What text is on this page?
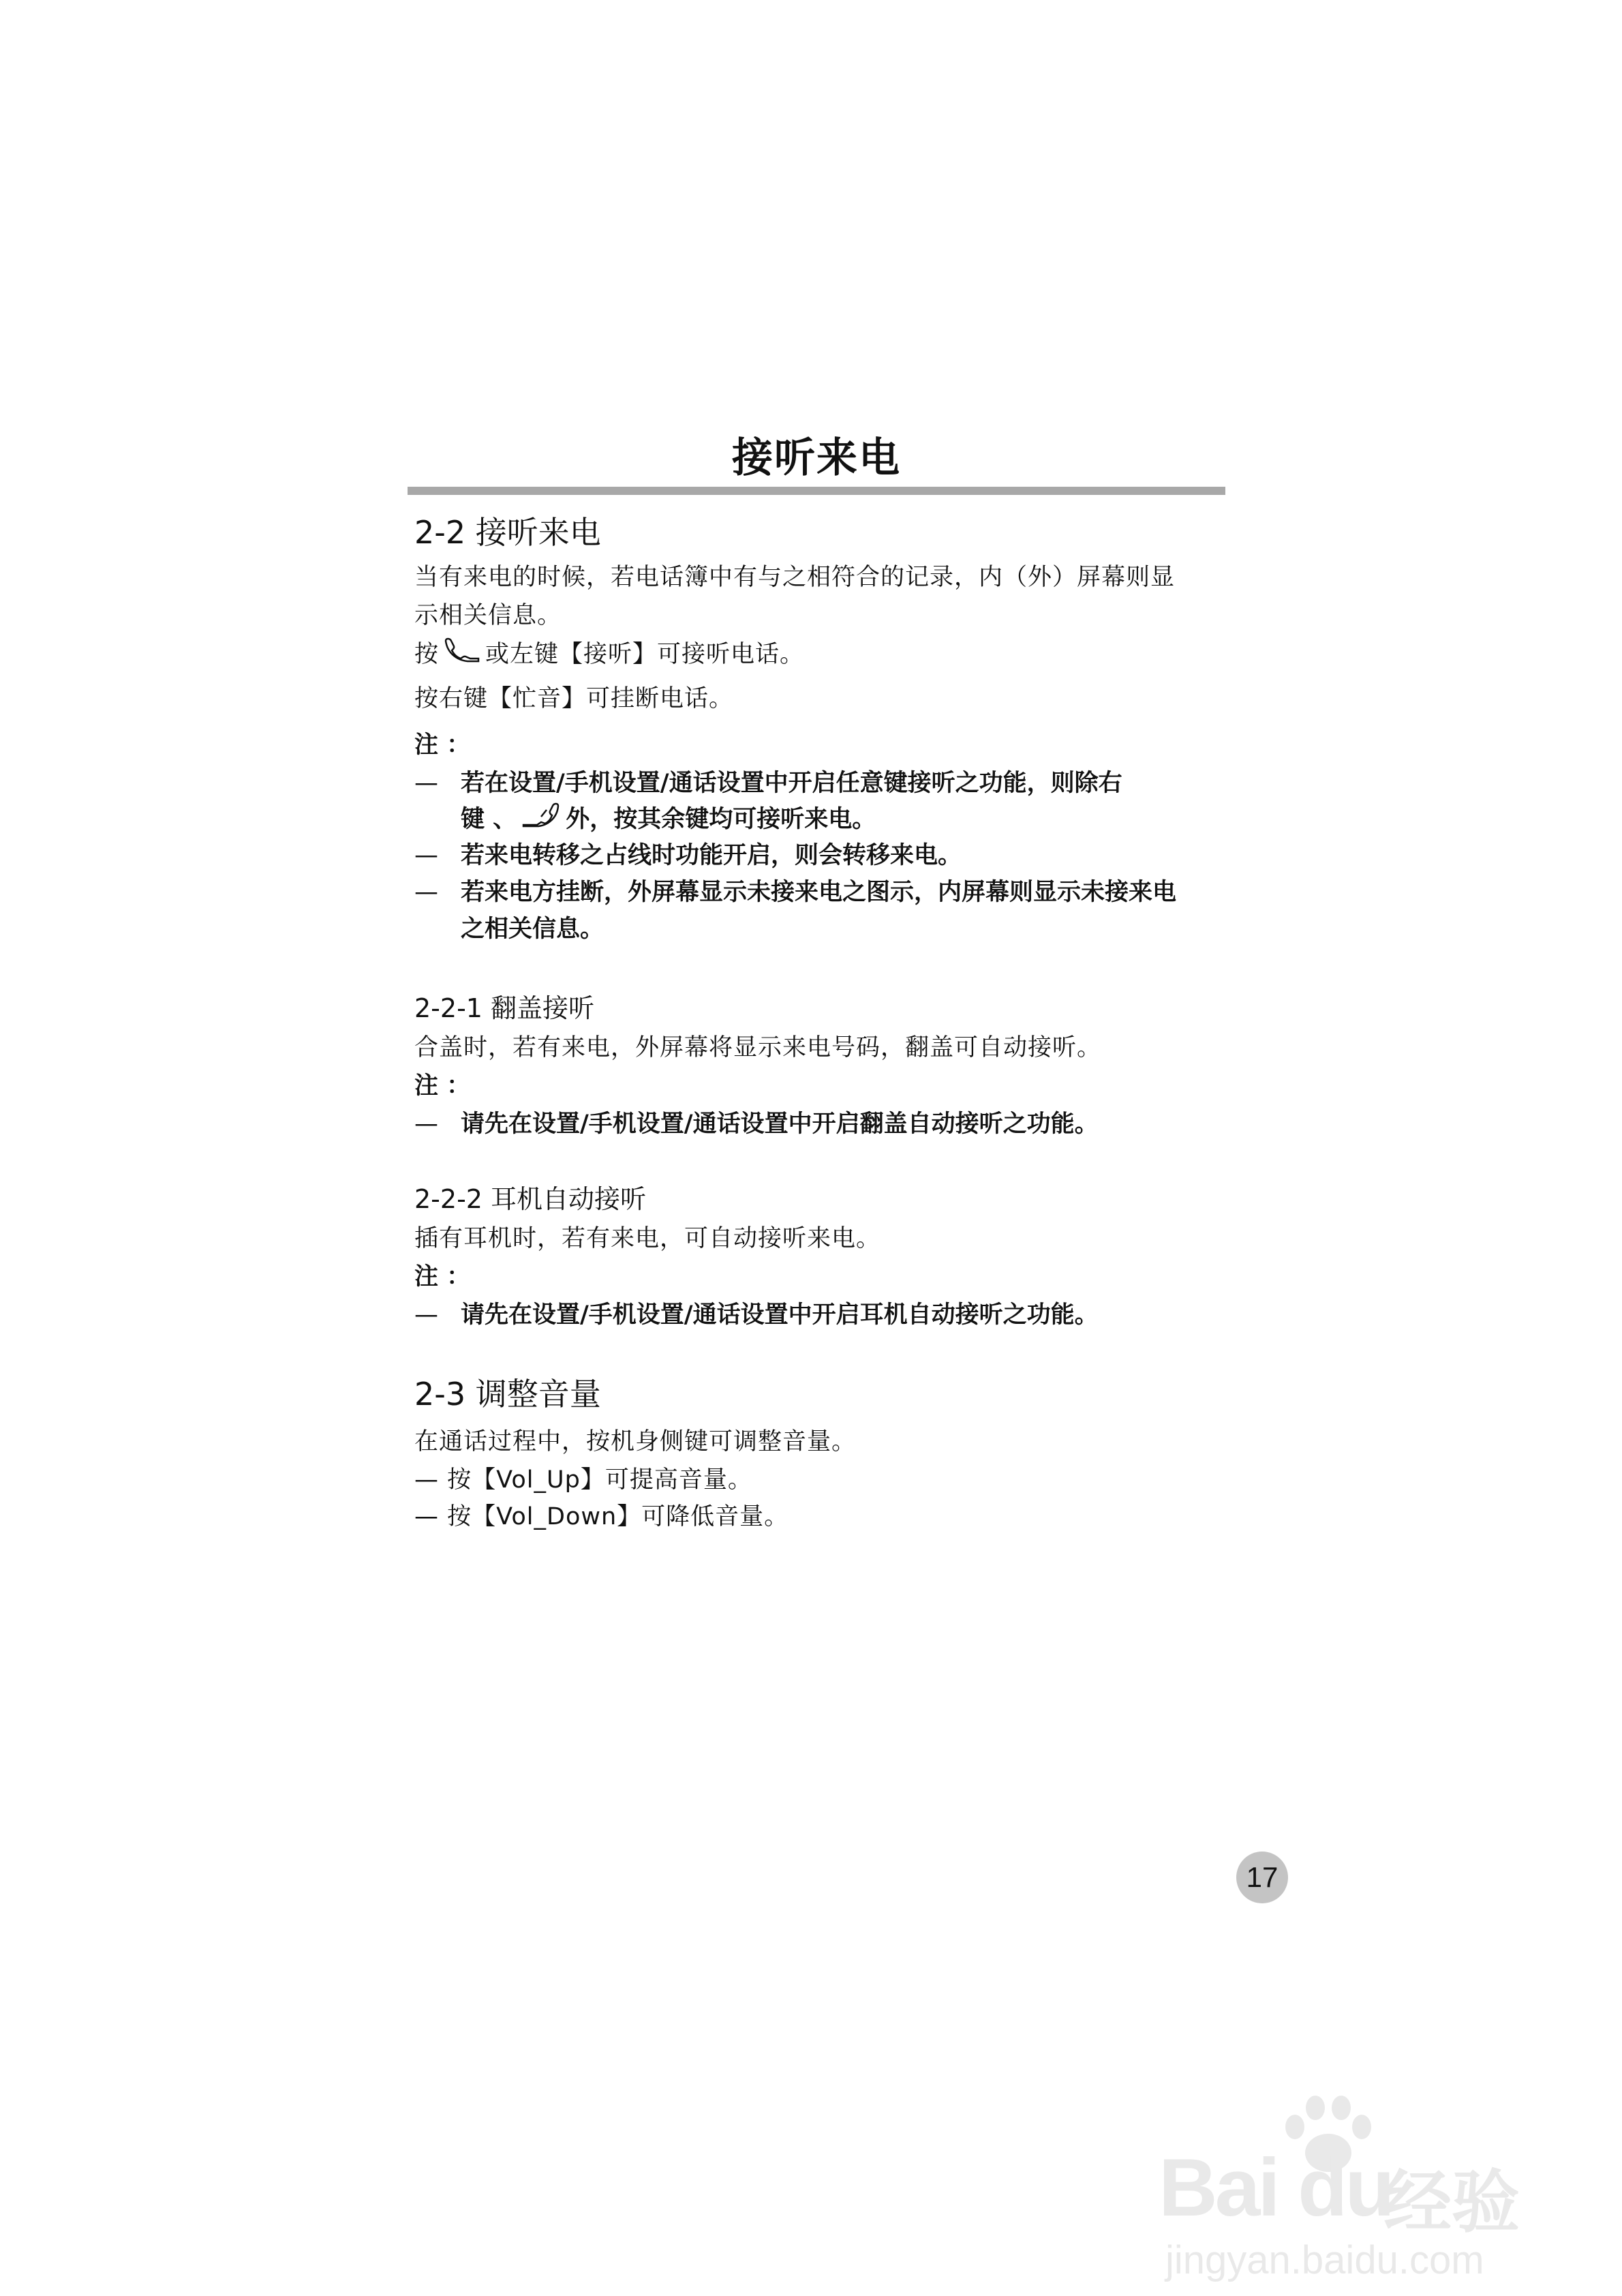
接听来电
2-2 接听来电
当有来电的时候，若电话簿中有与之相符合的记录，内（外）屏幕则显
示相关信息。
按 或左键【接听】可接听电话。
按右键【忙音】可挂断电话。
注 ：
— 若在设置/手机设置/通话设置中开启任意键接听之功能，则除右
键 、 外，按其余键均可接听来电。
— 若来电转移之占线时功能开启，则会转移来电。
— 若来电方挂断，外屏幕显示未接来电之图示，内屏幕则显示未接来电
之相关信息。
2-2-1 翻盖接听
合盖时，若有来电，外屏幕将显示来电号码，翻盖可自动接听。
注 ：
— 请先在设置/手机设置/通话设置中开启翻盖自动接听之功能。
2-2-2 耳机自动接听
插有耳机时，若有来电，可自动接听来电。
注 ：
— 请先在设置/手机设置/通话设置中开启耳机自动接听之功能。
2-3 调整音量
在通话过程中，按机身侧键可调整音量。
— 按【Vol_Up】可提高音量。
— 按【Vol_Down】可降低音量。
17
Bai du
经验
jingyan.baidu.com
